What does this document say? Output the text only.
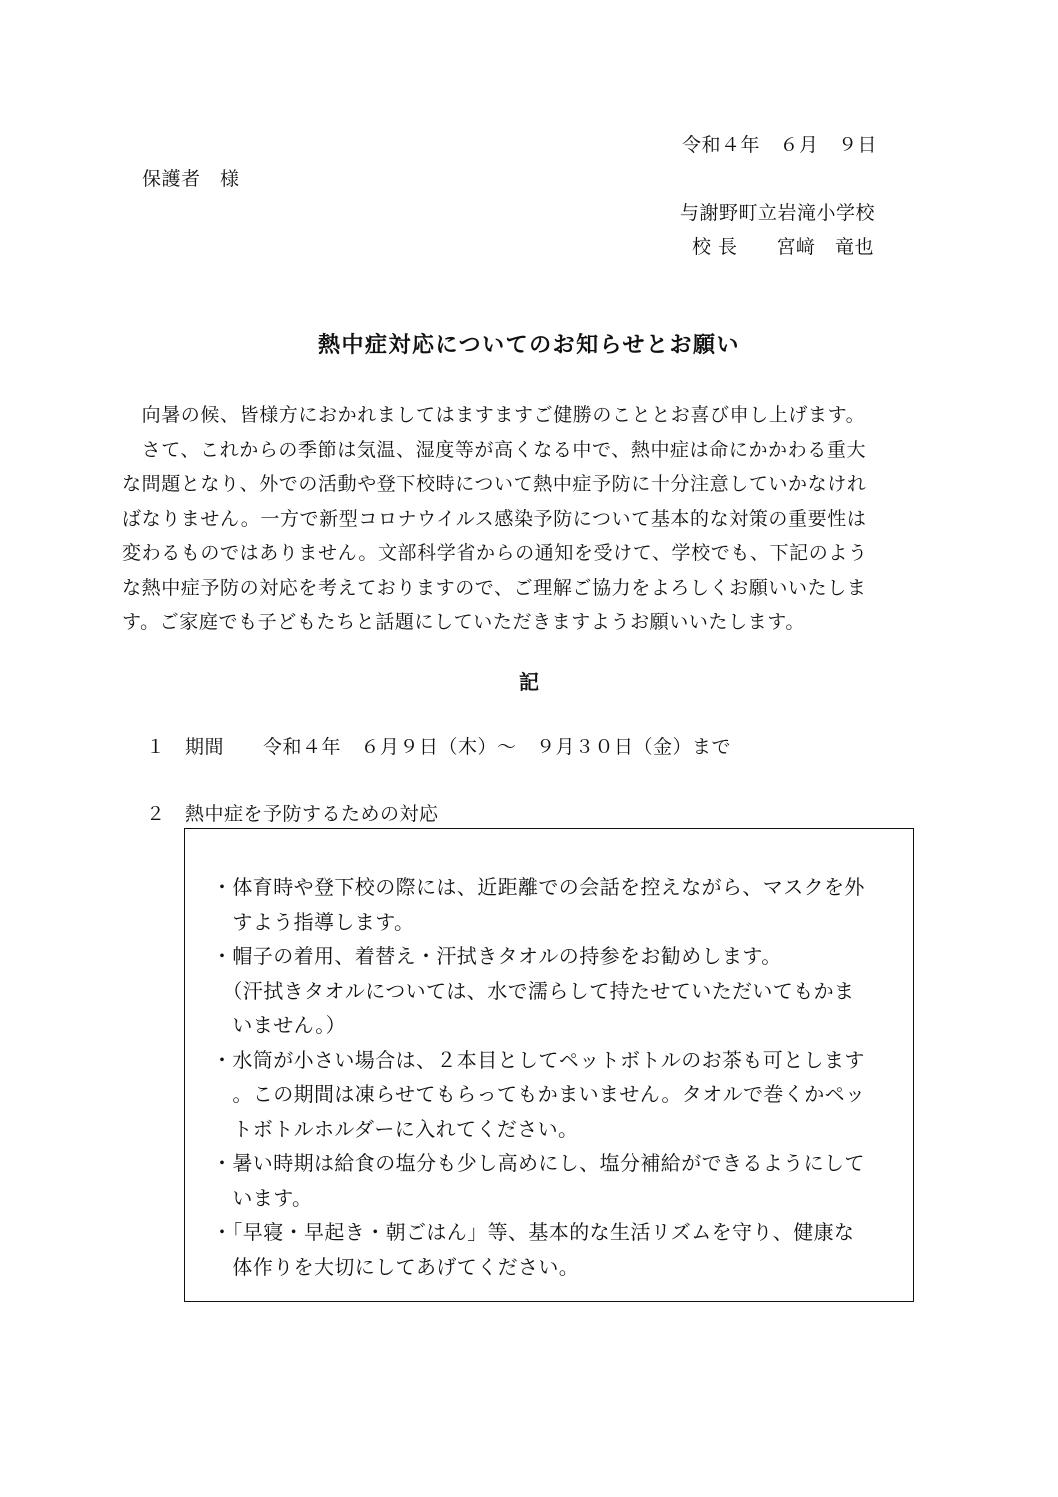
令和４年　６月　９日
保護者　様
与謝野町立岩滝小学校
校 長　　宮﨑　竜也
熱中症対応についてのお知らせとお願い

　向暑の候、皆様方におかれましてはますますご健勝のこととお喜び申し上げます。

　さて、これからの季節は気温、湿度等が高くなる中で、熱中症は命にかかわる重大

な問題となり、外での活動や登下校時について熱中症予防に十分注意していかなけれ

ばなりません。一方で新型コロナウイルス感染予防について基本的な対策の重要性は

変わるものではありません。文部科学省からの通知を受けて、学校でも、下記のよう

な熱中症予防の対応を考えておりますので、ご理解ご協力をよろしくお願いいたしま

す。ご家庭でも子どもたちと話題にしていただきますようお願いいたします。

記
１　期間　　令和４年　６月９日（木）～　９月３０日（金）まで
２　熱中症を予防するための対応
・体育時や登下校の際には、近距離での会話を控えながら、マスクを外
　すよう指導します。
・帽子の着用、着替え・汗拭きタオルの持参をお勧めします。
　（汗拭きタオルについては、水で濡らして持たせていただいてもかま
　いません。）
・水筒が小さい場合は、２本目としてペットボトルのお茶も可とします
　。この期間は凍らせてもらってもかまいません。タオルで巻くかペッ
　トボトルホルダーに入れてください。
・暑い時期は給食の塩分も少し高めにし、塩分補給ができるようにして
　います。
・「早寝・早起き・朝ごはん」等、基本的な生活リズムを守り、健康な
　体作りを大切にしてあげてください。
